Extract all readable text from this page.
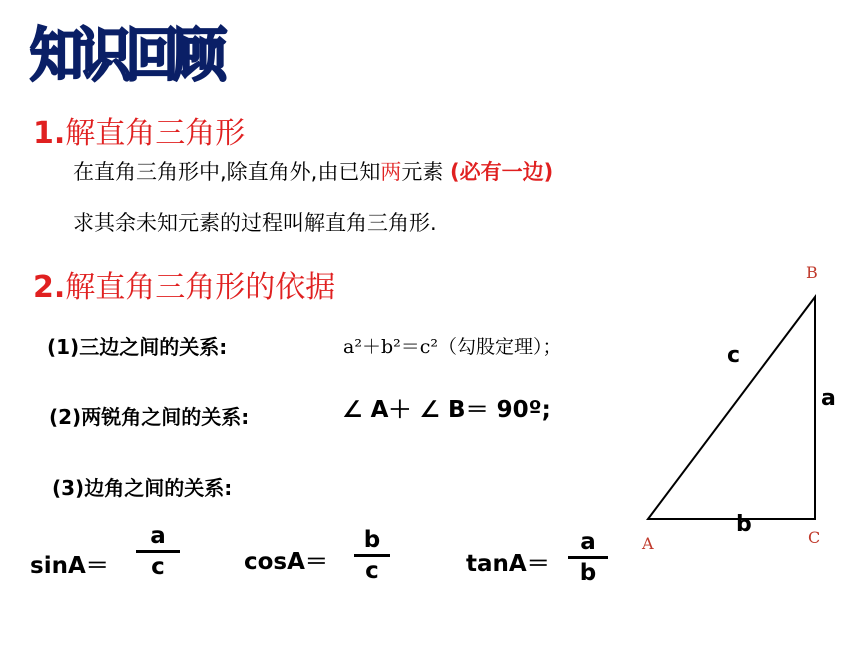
知识回顾
1.解直角三角形
在直角三角形中,除直角外,由已知两元素 (必有一边)
求其余未知元素的过程叫解直角三角形.
2.解直角三角形的依据
(1)三边之间的关系:	a²＋b²＝c²（勾股定理）；
(2)两锐角之间的关系:	∠ A＋ ∠ B＝ 90º;
(3)边角之间的关系:
sinA＝
a
c	cosA＝
b
c	tanA＝
a
b
B
A	C
c
a
b
